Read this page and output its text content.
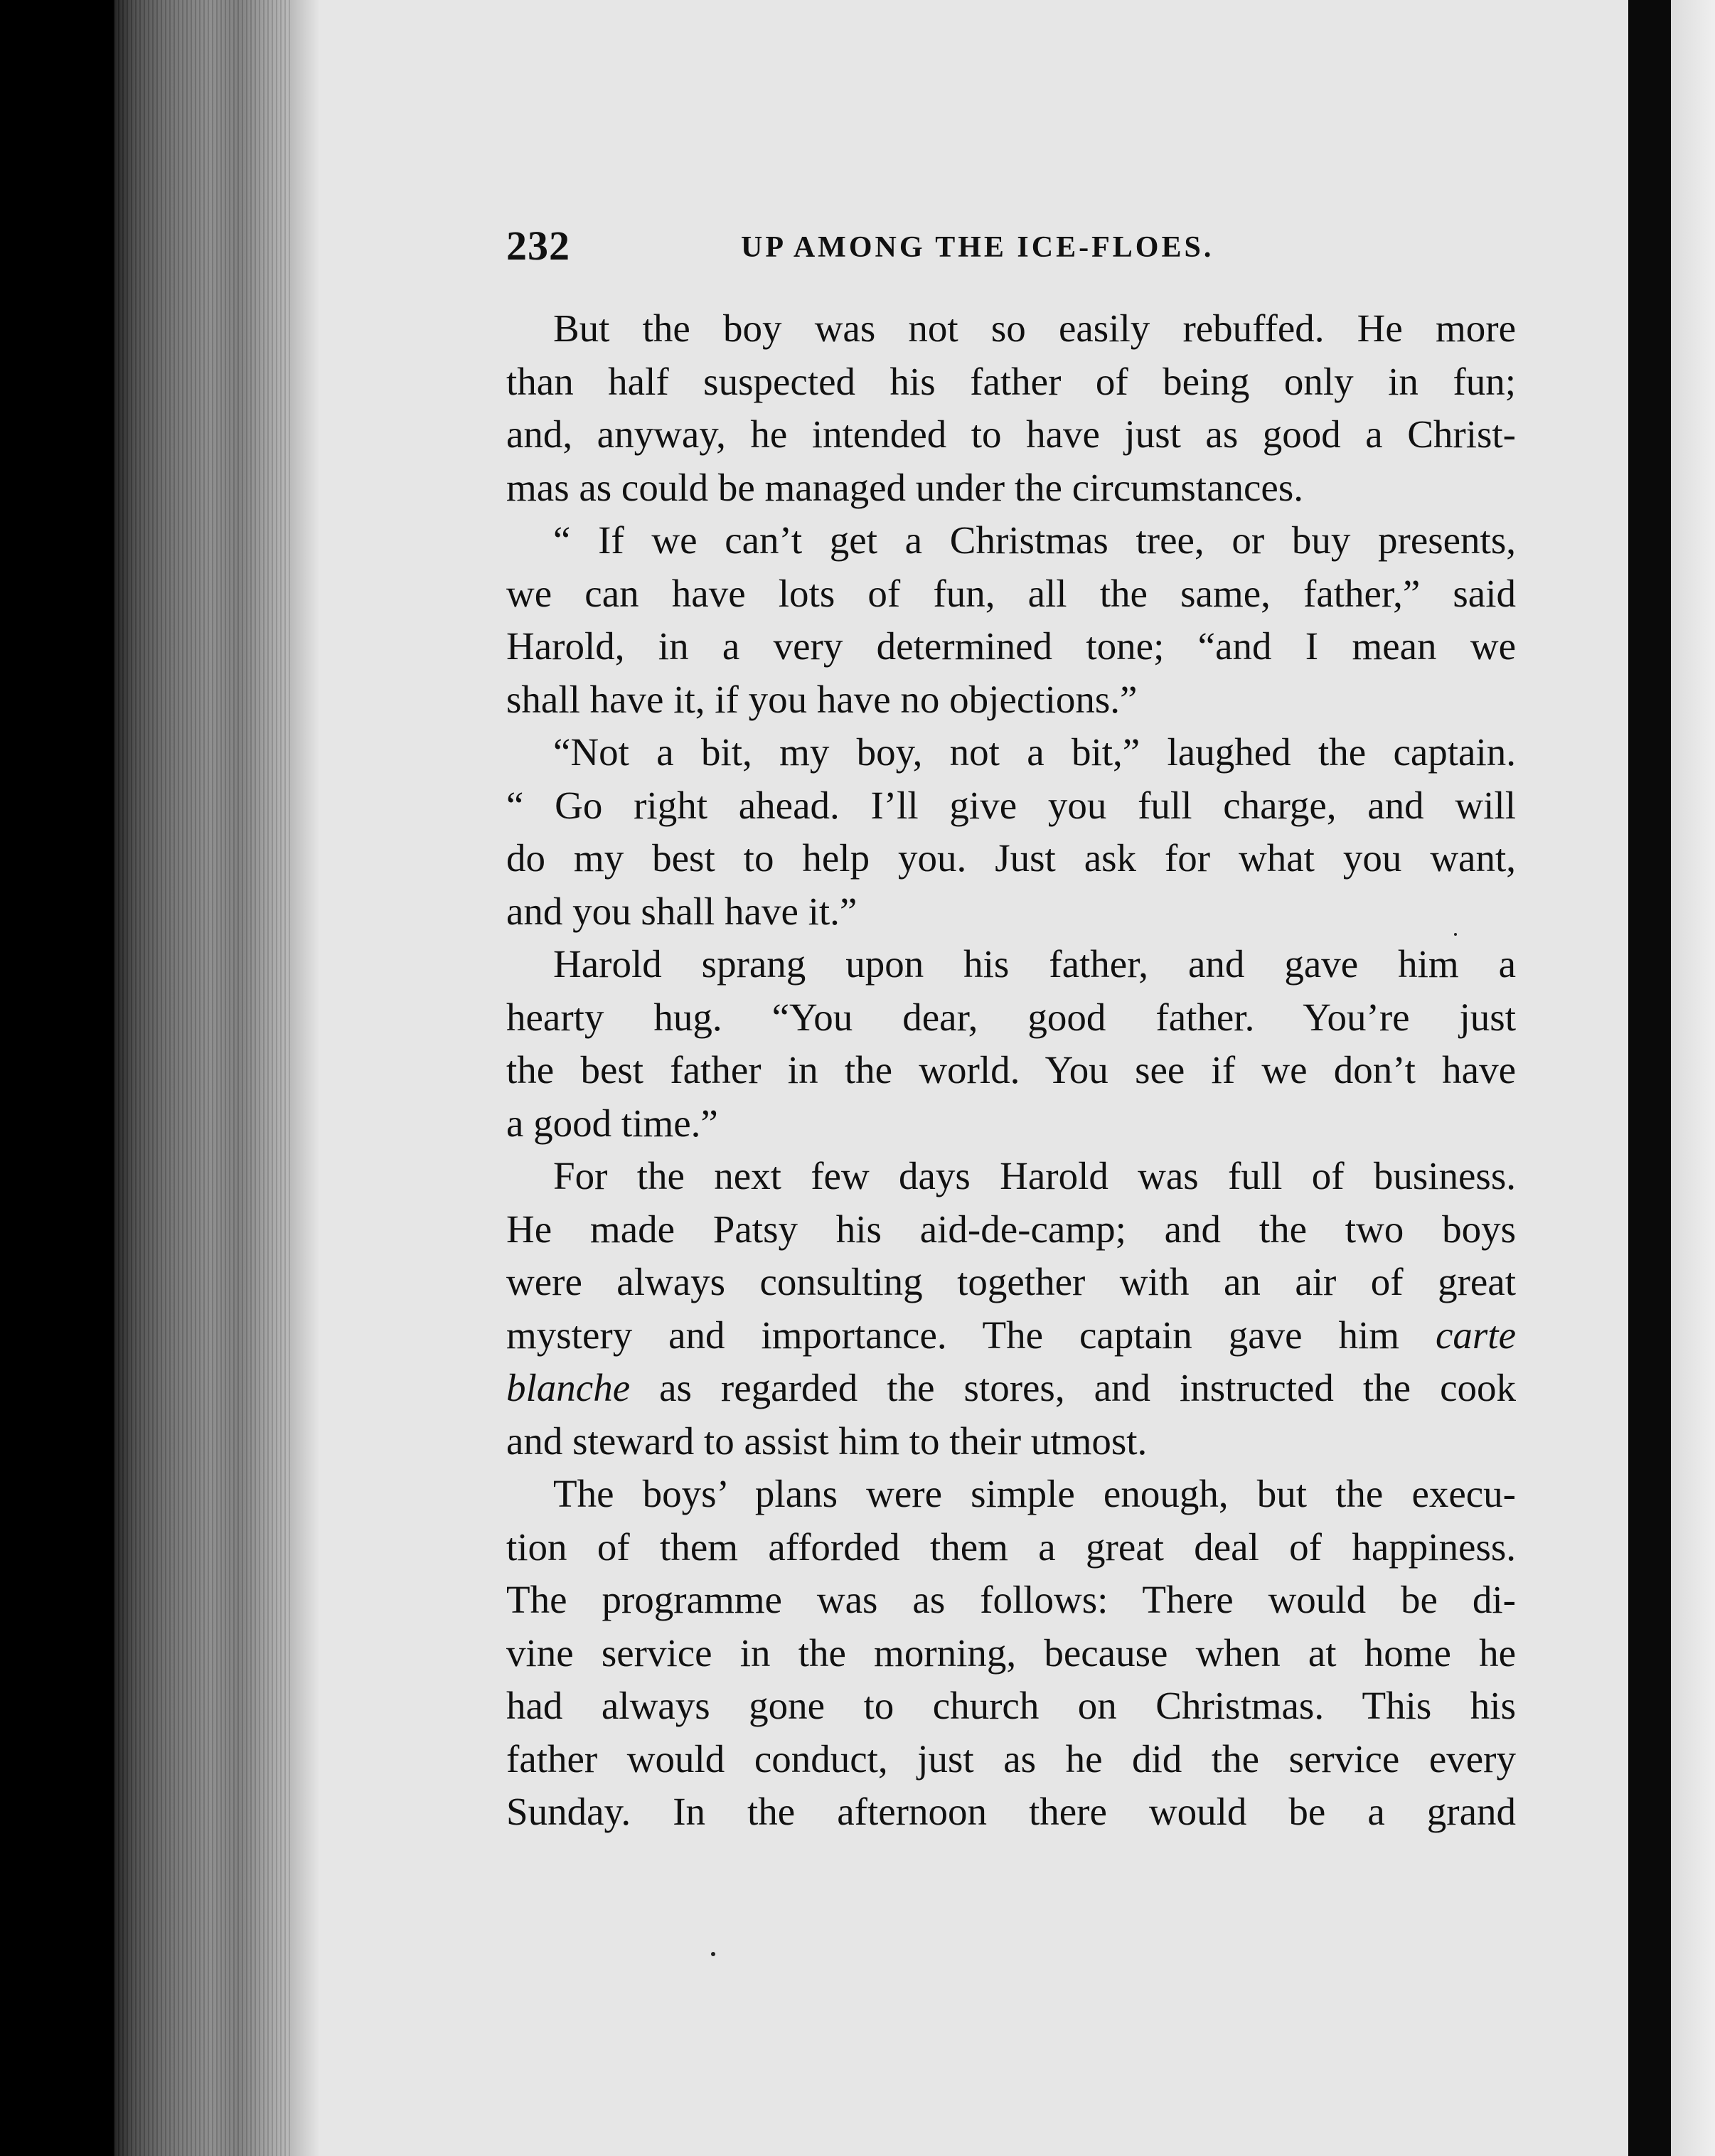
232	UP AMONG THE ICE-FLOES.
But the boy was not so easily rebuffed. He more
than half suspected his father of being only in fun;
and, anyway, he intended to have just as good a Christ-
mas as could be managed under the circumstances.
“ If we can’t get a Christmas tree, or buy presents,
we can have lots of fun, all the same, father,” said
Harold, in a very determined tone; “and I mean we
shall have it, if you have no objections.”
“Not a bit, my boy, not a bit,” laughed the captain.
“ Go right ahead. I’ll give you full charge, and will
do my best to help you. Just ask for what you want,
and you shall have it.”
Harold sprang upon his father, and gave him a
hearty hug. “You dear, good father. You’re just
the best father in the world. You see if we don’t have
a good time.”
For the next few days Harold was full of business.
He made Patsy his aid-de-camp; and the two boys
were always consulting together with an air of great
mystery and importance. The captain gave him carte
blanche as regarded the stores, and instructed the cook
and steward to assist him to their utmost.
The boys’ plans were simple enough, but the execu-
tion of them afforded them a great deal of happiness.
The programme was as follows: There would be di-
vine service in the morning, because when at home he
had always gone to church on Christmas. This his
father would conduct, just as he did the service every
Sunday. In the afternoon there would be a grand
